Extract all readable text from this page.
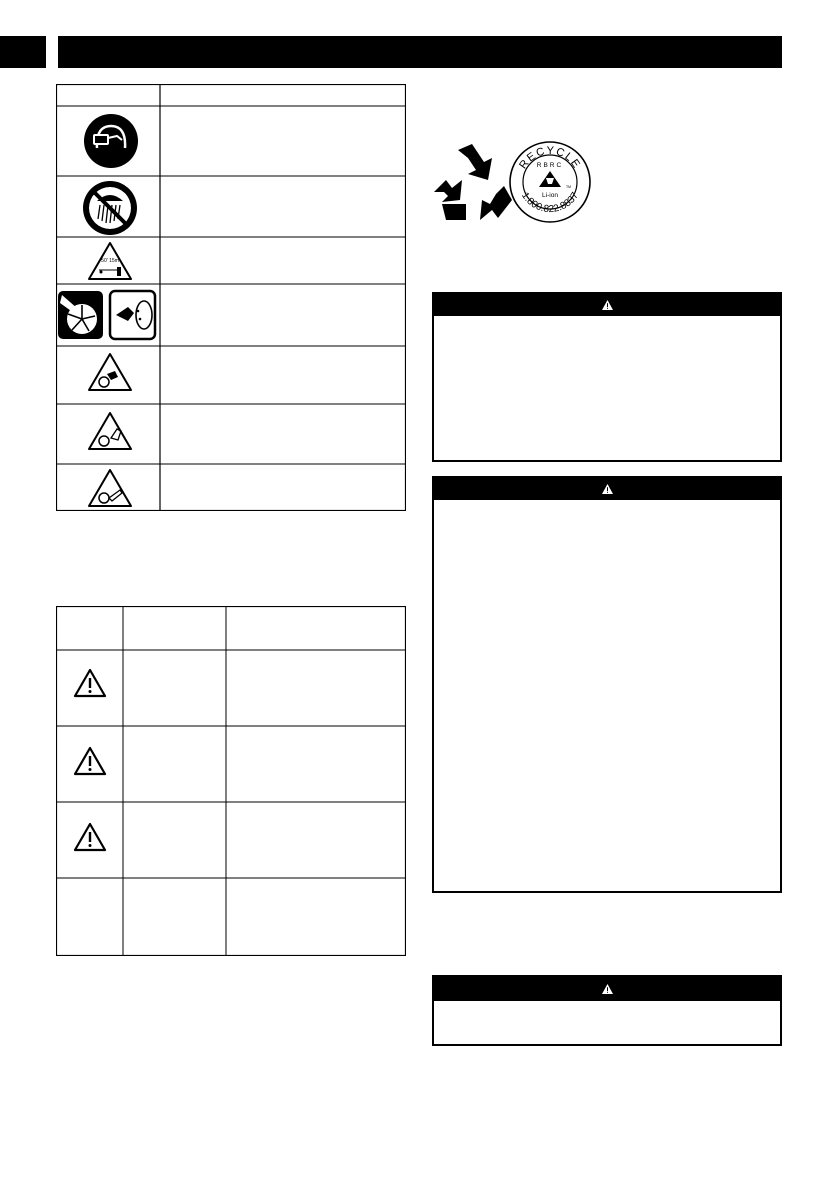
50' 15m
RECYCLE
1.800.822.8837
RBRC
Li-ion
TM
